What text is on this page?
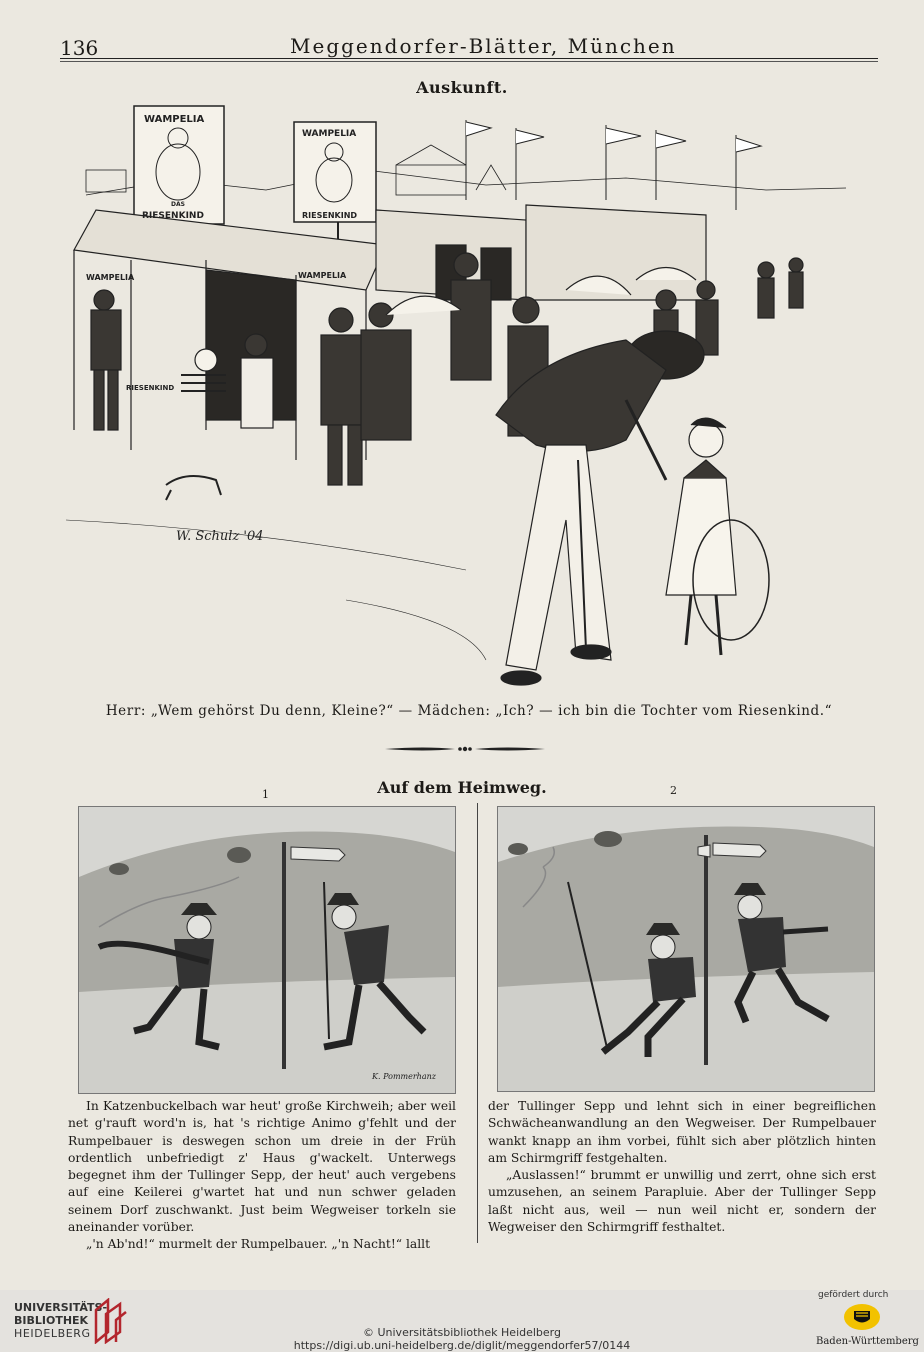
136	Meggendorfer-Blätter, München
Auskunft.
W. Schulz '04
WAMPELIA
DAS
RIESENKIND
WAMPELIA
RIESENKIND
WAMPELIA	WAMPELIA
RIESENKIND
Herr: „Wem gehörst Du denn, Kleine?“ — Mädchen: „Ich? — ich bin die Tochter vom Riesenkind.“
Auf dem Heimweg.
1	2
K. Pommerhanz

In Katzenbuckelbach war heut' große Kirchweih; aber weil net g'rauft word'n is, hat 's richtige Animo g'fehlt und der Rumpelbauer is deswegen schon um dreie in der Früh ordentlich unbefriedigt z' Haus g'wackelt. Unterwegs begegnet ihm der Tullinger Sepp, der heut' auch vergebens auf eine Keilerei g'wartet hat und nun schwer geladen seinem Dorf zuschwankt. Just beim Wegweiser torkeln sie aneinander vorüber.

„'n Ab'nd!“ murmelt der Rumpelbauer. „'n Nacht!“ lallt

der Tullinger Sepp und lehnt sich in einer begreiflichen Schwächeanwandlung an den Wegweiser. Der Rumpelbauer wankt knapp an ihm vorbei, fühlt sich aber plötzlich hinten am Schirmgriff festgehalten.

„Auslassen!“ brummt er unwillig und zerrt, ohne sich erst umzusehen, an seinem Parapluie. Aber der Tullinger Sepp laßt nicht aus, weil — nun weil nicht er, sondern der Wegweiser den Schirmgriff festhaltet.

UNIVERSITÄTS-
BIBLIOTHEK
HEIDELBERG	© Universitätsbibliothek Heidelberg
https://digi.ub.uni-heidelberg.de/diglit/meggendorfer57/0144
gefördert durch
Baden-Württemberg
